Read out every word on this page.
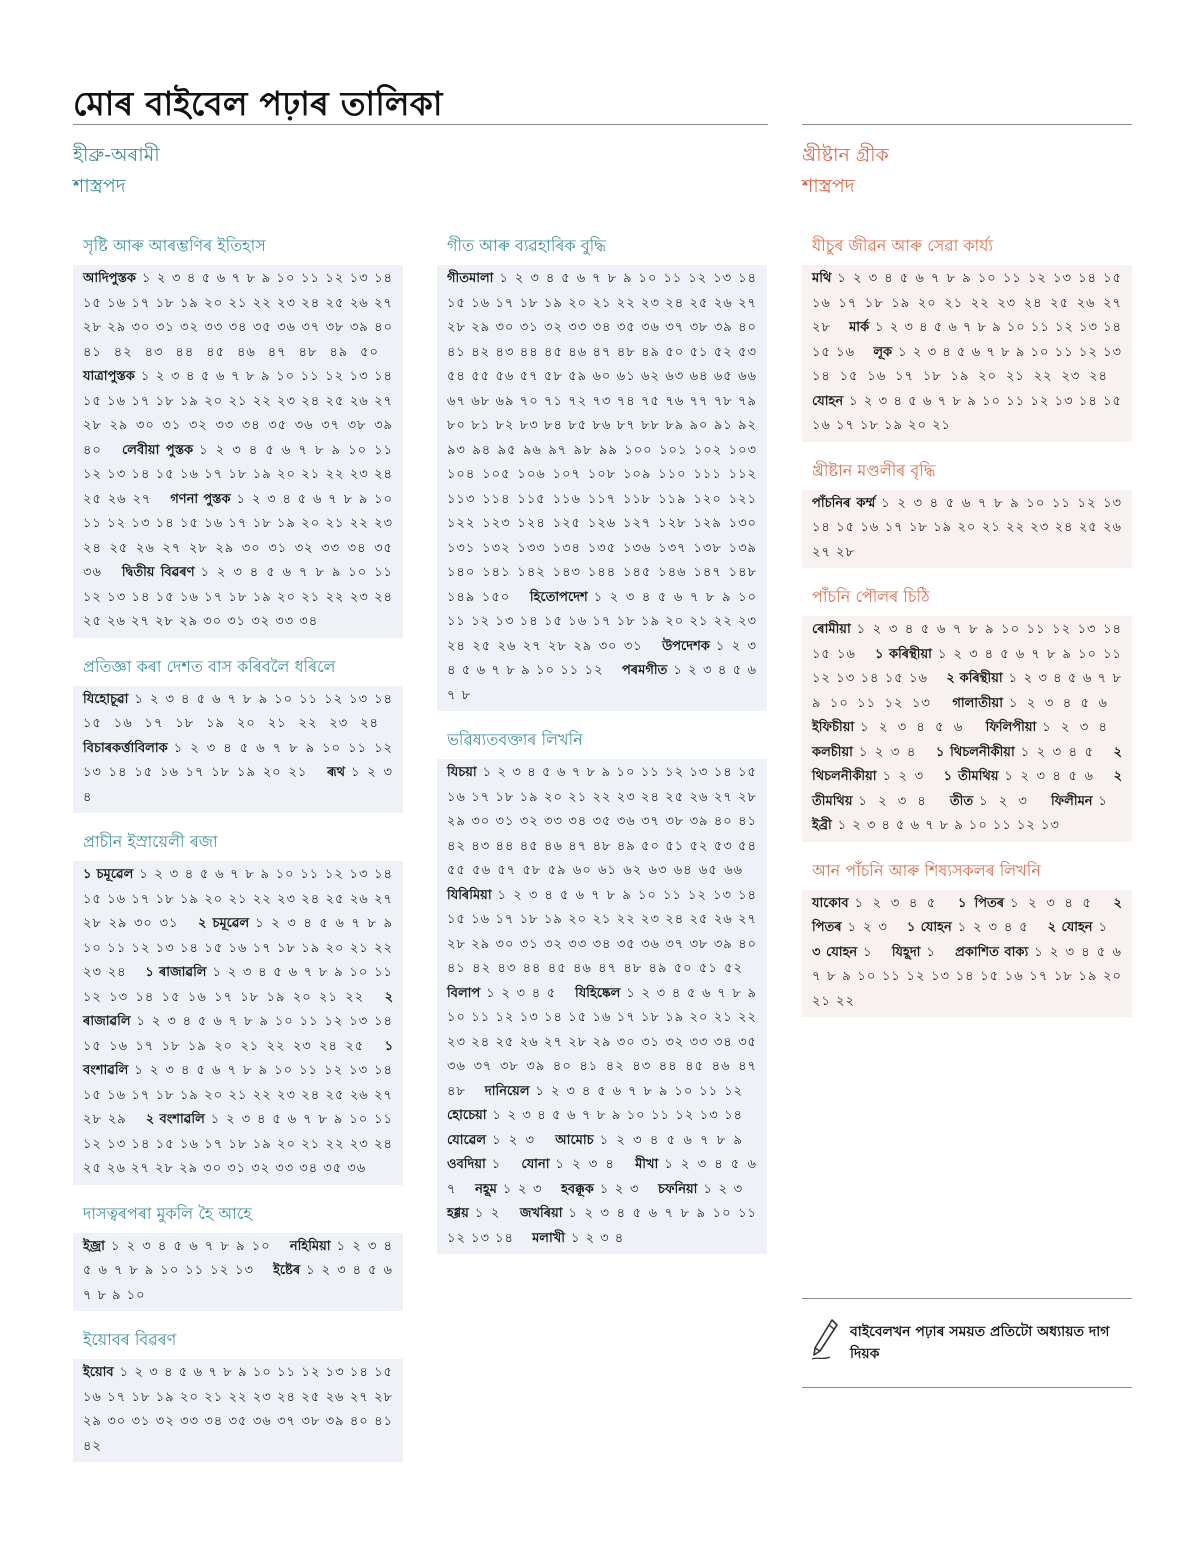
মোৰ বাইবেল পঢ়াৰ তালিকা
হীব্ৰু-অৰামী
শাস্ত্ৰপদ
খ্ৰীষ্টান গ্ৰীক
শাস্ত্ৰপদ
সৃষ্টি আৰু আৰম্ভণিৰ ইতিহাস
আদিপুস্তক ১ ২ ৩ ৪ ৫ ৬ ৭ ৮ ৯ ১০ ১১ ১২ ১৩ ১৪ ১৫ ১৬ ১৭ ১৮ ১৯ ২০ ২১ ২২ ২৩ ২৪ ২৫ ২৬ ২৭ ২৮ ২৯ ৩০ ৩১ ৩২ ৩৩ ৩৪ ৩৫ ৩৬ ৩৭ ৩৮ ৩৯ ৪০ ৪১ ৪২ ৪৩ ৪৪ ৪৫ ৪৬ ৪৭ ৪৮ ৪৯ ৫০ যাত্ৰাপুস্তক ১ ২ ৩ ৪ ৫ ৬ ৭ ৮ ৯ ১০ ১১ ১২ ১৩ ১৪ ১৫ ১৬ ১৭ ১৮ ১৯ ২০ ২১ ২২ ২৩ ২৪ ২৫ ২৬ ২৭ ২৮ ২৯ ৩০ ৩১ ৩২ ৩৩ ৩৪ ৩৫ ৩৬ ৩৭ ৩৮ ৩৯ ৪০ লেবীয়া পুস্তক ১ ২ ৩ ৪ ৫ ৬ ৭ ৮ ৯ ১০ ১১ ১২ ১৩ ১৪ ১৫ ১৬ ১৭ ১৮ ১৯ ২০ ২১ ২২ ২৩ ২৪ ২৫ ২৬ ২৭ গণনা পুস্তক ১ ২ ৩ ৪ ৫ ৬ ৭ ৮ ৯ ১০ ১১ ১২ ১৩ ১৪ ১৫ ১৬ ১৭ ১৮ ১৯ ২০ ২১ ২২ ২৩ ২৪ ২৫ ২৬ ২৭ ২৮ ২৯ ৩০ ৩১ ৩২ ৩৩ ৩৪ ৩৫ ৩৬ দ্বিতীয় বিৱৰণ ১ ২ ৩ ৪ ৫ ৬ ৭ ৮ ৯ ১০ ১১ ১২ ১৩ ১৪ ১৫ ১৬ ১৭ ১৮ ১৯ ২০ ২১ ২২ ২৩ ২৪ ২৫ ২৬ ২৭ ২৮ ২৯ ৩০ ৩১ ৩২ ৩৩ ৩৪
প্ৰতিজ্ঞা কৰা দেশত বাস কৰিবলৈ ধৰিলে
যিহোচূৱা ১ ২ ৩ ৪ ৫ ৬ ৭ ৮ ৯ ১০ ১১ ১২ ১৩ ১৪ ১৫ ১৬ ১৭ ১৮ ১৯ ২০ ২১ ২২ ২৩ ২৪ বিচাৰকৰ্ত্তাবিলাক ১ ২ ৩ ৪ ৫ ৬ ৭ ৮ ৯ ১০ ১১ ১২ ১৩ ১৪ ১৫ ১৬ ১৭ ১৮ ১৯ ২০ ২১ ৰূথ ১ ২ ৩ ৪
প্ৰাচীন ইস্ৰায়েলী ৰজা
১ চমূৱেল ১ ২ ৩ ৪ ৫ ৬ ৭ ৮ ৯ ১০ ১১ ১২ ১৩ ১৪ ১৫ ১৬ ১৭ ১৮ ১৯ ২০ ২১ ২২ ২৩ ২৪ ২৫ ২৬ ২৭ ২৮ ২৯ ৩০ ৩১ ২ চমূৱেল ১ ২ ৩ ৪ ৫ ৬ ৭ ৮ ৯ ১০ ১১ ১২ ১৩ ১৪ ১৫ ১৬ ১৭ ১৮ ১৯ ২০ ২১ ২২ ২৩ ২৪ ১ ৰাজাৱলি ১ ২ ৩ ৪ ৫ ৬ ৭ ৮ ৯ ১০ ১১ ১২ ১৩ ১৪ ১৫ ১৬ ১৭ ১৮ ১৯ ২০ ২১ ২২ ২ ৰাজাৱলি ১ ২ ৩ ৪ ৫ ৬ ৭ ৮ ৯ ১০ ১১ ১২ ১৩ ১৪ ১৫ ১৬ ১৭ ১৮ ১৯ ২০ ২১ ২২ ২৩ ২৪ ২৫ ১ বংশাৱলি ১ ২ ৩ ৪ ৫ ৬ ৭ ৮ ৯ ১০ ১১ ১২ ১৩ ১৪ ১৫ ১৬ ১৭ ১৮ ১৯ ২০ ২১ ২২ ২৩ ২৪ ২৫ ২৬ ২৭ ২৮ ২৯ ২ বংশাৱলি ১ ২ ৩ ৪ ৫ ৬ ৭ ৮ ৯ ১০ ১১ ১২ ১৩ ১৪ ১৫ ১৬ ১৭ ১৮ ১৯ ২০ ২১ ২২ ২৩ ২৪ ২৫ ২৬ ২৭ ২৮ ২৯ ৩০ ৩১ ৩২ ৩৩ ৩৪ ৩৫ ৩৬
দাসত্বৰপৰা মুকলি হৈ আহে
ইজ্ৰা ১ ২ ৩ ৪ ৫ ৬ ৭ ৮ ৯ ১০ নহিমিয়া ১ ২ ৩ ৪ ৫ ৬ ৭ ৮ ৯ ১০ ১১ ১২ ১৩ ইষ্টেৰ ১ ২ ৩ ৪ ৫ ৬ ৭ ৮ ৯ ১০
ইয়োবৰ বিৱৰণ
ইয়োব ১ ২ ৩ ৪ ৫ ৬ ৭ ৮ ৯ ১০ ১১ ১২ ১৩ ১৪ ১৫ ১৬ ১৭ ১৮ ১৯ ২০ ২১ ২২ ২৩ ২৪ ২৫ ২৬ ২৭ ২৮ ২৯ ৩০ ৩১ ৩২ ৩৩ ৩৪ ৩৫ ৩৬ ৩৭ ৩৮ ৩৯ ৪০ ৪১ ৪২
গীত আৰু ব্যৱহাৰিক বুদ্ধি
গীতমালা ১ ২ ৩ ৪ ৫ ৬ ৭ ৮ ৯ ১০ ১১ ১২ ১৩ ১৪ ১৫ ১৬ ১৭ ১৮ ১৯ ২০ ২১ ২২ ২৩ ২৪ ২৫ ২৬ ২৭ ২৮ ২৯ ৩০ ৩১ ৩২ ৩৩ ৩৪ ৩৫ ৩৬ ৩৭ ৩৮ ৩৯ ৪০ ৪১ ৪২ ৪৩ ৪৪ ৪৫ ৪৬ ৪৭ ৪৮ ৪৯ ৫০ ৫১ ৫২ ৫৩ ৫৪ ৫৫ ৫৬ ৫৭ ৫৮ ৫৯ ৬০ ৬১ ৬২ ৬৩ ৬৪ ৬৫ ৬৬ ৬৭ ৬৮ ৬৯ ৭০ ৭১ ৭২ ৭৩ ৭৪ ৭৫ ৭৬ ৭৭ ৭৮ ৭৯ ৮০ ৮১ ৮২ ৮৩ ৮৪ ৮৫ ৮৬ ৮৭ ৮৮ ৮৯ ৯০ ৯১ ৯২ ৯৩ ৯৪ ৯৫ ৯৬ ৯৭ ৯৮ ৯৯ ১০০ ১০১ ১০২ ১০৩ ১০৪ ১০৫ ১০৬ ১০৭ ১০৮ ১০৯ ১১০ ১১১ ১১২ ১১৩ ১১৪ ১১৫ ১১৬ ১১৭ ১১৮ ১১৯ ১২০ ১২১ ১২২ ১২৩ ১২৪ ১২৫ ১২৬ ১২৭ ১২৮ ১২৯ ১৩০ ১৩১ ১৩২ ১৩৩ ১৩৪ ১৩৫ ১৩৬ ১৩৭ ১৩৮ ১৩৯ ১৪০ ১৪১ ১৪২ ১৪৩ ১৪৪ ১৪৫ ১৪৬ ১৪৭ ১৪৮ ১৪৯ ১৫০ হিতোপদেশ ১ ২ ৩ ৪ ৫ ৬ ৭ ৮ ৯ ১০ ১১ ১২ ১৩ ১৪ ১৫ ১৬ ১৭ ১৮ ১৯ ২০ ২১ ২২ ২৩ ২৪ ২৫ ২৬ ২৭ ২৮ ২৯ ৩০ ৩১ উপদেশক ১ ২ ৩ ৪ ৫ ৬ ৭ ৮ ৯ ১০ ১১ ১২ পৰমগীত ১ ২ ৩ ৪ ৫ ৬ ৭ ৮
ভৱিষ্যতবক্তাৰ লিখনি
যিচয়া ১ ২ ৩ ৪ ৫ ৬ ৭ ৮ ৯ ১০ ১১ ১২ ১৩ ১৪ ১৫ ১৬ ১৭ ১৮ ১৯ ২০ ২১ ২২ ২৩ ২৪ ২৫ ২৬ ২৭ ২৮ ২৯ ৩০ ৩১ ৩২ ৩৩ ৩৪ ৩৫ ৩৬ ৩৭ ৩৮ ৩৯ ৪০ ৪১ ৪২ ৪৩ ৪৪ ৪৫ ৪৬ ৪৭ ৪৮ ৪৯ ৫০ ৫১ ৫২ ৫৩ ৫৪ ৫৫ ৫৬ ৫৭ ৫৮ ৫৯ ৬০ ৬১ ৬২ ৬৩ ৬৪ ৬৫ ৬৬ যিৰিমিয়া ১ ২ ৩ ৪ ৫ ৬ ৭ ৮ ৯ ১০ ১১ ১২ ১৩ ১৪ ১৫ ১৬ ১৭ ১৮ ১৯ ২০ ২১ ২২ ২৩ ২৪ ২৫ ২৬ ২৭ ২৮ ২৯ ৩০ ৩১ ৩২ ৩৩ ৩৪ ৩৫ ৩৬ ৩৭ ৩৮ ৩৯ ৪০ ৪১ ৪২ ৪৩ ৪৪ ৪৫ ৪৬ ৪৭ ৪৮ ৪৯ ৫০ ৫১ ৫২ বিলাপ ১ ২ ৩ ৪ ৫ যিহিষ্কেল ১ ২ ৩ ৪ ৫ ৬ ৭ ৮ ৯ ১০ ১১ ১২ ১৩ ১৪ ১৫ ১৬ ১৭ ১৮ ১৯ ২০ ২১ ২২ ২৩ ২৪ ২৫ ২৬ ২৭ ২৮ ২৯ ৩০ ৩১ ৩২ ৩৩ ৩৪ ৩৫ ৩৬ ৩৭ ৩৮ ৩৯ ৪০ ৪১ ৪২ ৪৩ ৪৪ ৪৫ ৪৬ ৪৭ ৪৮ দানিয়েল ১ ২ ৩ ৪ ৫ ৬ ৭ ৮ ৯ ১০ ১১ ১২ হোচেয়া ১ ২ ৩ ৪ ৫ ৬ ৭ ৮ ৯ ১০ ১১ ১২ ১৩ ১৪ যোৱেল ১ ২ ৩ আমোচ ১ ২ ৩ ৪ ৫ ৬ ৭ ৮ ৯ ওবদিয়া ১ যোনা ১ ২ ৩ ৪ মীখা ১ ২ ৩ ৪ ৫ ৬ ৭ নহূম ১ ২ ৩ হবক্কূক ১ ২ ৩ চফনিয়া ১ ২ ৩ হগ্গয় ১ ২ জখৰিয়া ১ ২ ৩ ৪ ৫ ৬ ৭ ৮ ৯ ১০ ১১ ১২ ১৩ ১৪ মলাখী ১ ২ ৩ ৪
যীচুৰ জীৱন আৰু সেৱা কাৰ্য্য
মথি ১ ২ ৩ ৪ ৫ ৬ ৭ ৮ ৯ ১০ ১১ ১২ ১৩ ১৪ ১৫ ১৬ ১৭ ১৮ ১৯ ২০ ২১ ২২ ২৩ ২৪ ২৫ ২৬ ২৭ ২৮ মাৰ্ক ১ ২ ৩ ৪ ৫ ৬ ৭ ৮ ৯ ১০ ১১ ১২ ১৩ ১৪ ১৫ ১৬ লূক ১ ২ ৩ ৪ ৫ ৬ ৭ ৮ ৯ ১০ ১১ ১২ ১৩ ১৪ ১৫ ১৬ ১৭ ১৮ ১৯ ২০ ২১ ২২ ২৩ ২৪ যোহন ১ ২ ৩ ৪ ৫ ৬ ৭ ৮ ৯ ১০ ১১ ১২ ১৩ ১৪ ১৫ ১৬ ১৭ ১৮ ১৯ ২০ ২১
খ্ৰীষ্টান মণ্ডলীৰ বৃদ্ধি
পাঁচনিৰ কৰ্ম্ম ১ ২ ৩ ৪ ৫ ৬ ৭ ৮ ৯ ১০ ১১ ১২ ১৩ ১৪ ১৫ ১৬ ১৭ ১৮ ১৯ ২০ ২১ ২২ ২৩ ২৪ ২৫ ২৬ ২৭ ২৮
পাঁচনি পৌলৰ চিঠি
ৰোমীয়া ১ ২ ৩ ৪ ৫ ৬ ৭ ৮ ৯ ১০ ১১ ১২ ১৩ ১৪ ১৫ ১৬ ১ কৰিন্থীয়া ১ ২ ৩ ৪ ৫ ৬ ৭ ৮ ৯ ১০ ১১ ১২ ১৩ ১৪ ১৫ ১৬ ২ কৰিন্থীয়া ১ ২ ৩ ৪ ৫ ৬ ৭ ৮ ৯ ১০ ১১ ১২ ১৩ গালাতীয়া ১ ২ ৩ ৪ ৫ ৬ ইফিচীয়া ১ ২ ৩ ৪ ৫ ৬ ফিলিপীয়া ১ ২ ৩ ৪ কলচীয়া ১ ২ ৩ ৪ ১ থিচলনীকীয়া ১ ২ ৩ ৪ ৫ ২ থিচলনীকীয়া ১ ২ ৩ ১ তীমথিয় ১ ২ ৩ ৪ ৫ ৬ ২ তীমথিয় ১ ২ ৩ ৪ তীত ১ ২ ৩ ফিলীমন ১ ইব্ৰী ১ ২ ৩ ৪ ৫ ৬ ৭ ৮ ৯ ১০ ১১ ১২ ১৩
আন পাঁচনি আৰু শিষ্যসকলৰ লিখনি
যাকোব ১ ২ ৩ ৪ ৫ ১ পিতৰ ১ ২ ৩ ৪ ৫ ২ পিতৰ ১ ২ ৩ ১ যোহন ১ ২ ৩ ৪ ৫ ২ যোহন ১ ৩ যোহন ১ যিহূদা ১ প্ৰকাশিত বাক্য ১ ২ ৩ ৪ ৫ ৬ ৭ ৮ ৯ ১০ ১১ ১২ ১৩ ১৪ ১৫ ১৬ ১৭ ১৮ ১৯ ২০ ২১ ২২
বাইবেলখন পঢ়াৰ সময়ত প্ৰতিটো অধ্যায়ত দাগ দিয়ক
